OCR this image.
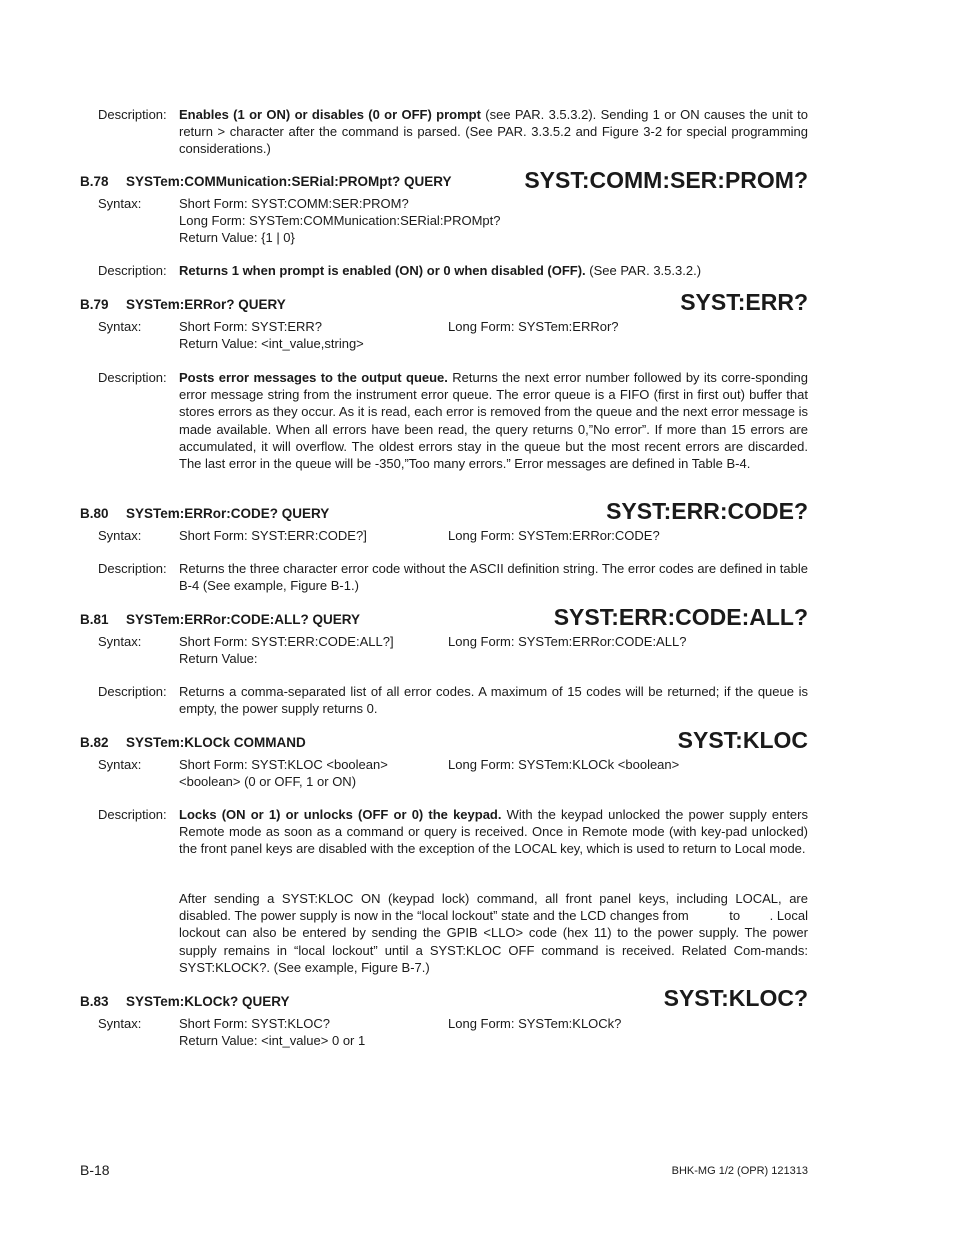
Description: Enables (1 or ON) or disables (0 or OFF) prompt (see PAR. 3.5.3.2). Sending 1 or ON causes the unit to return > character after the command is parsed. (See PAR. 3.3.5.2 and Figure 3-2 for special programming considerations.)
B.78 SYSTem:COMMunication:SERial:PROMpt? QUERY	SYST:COMM:SER:PROM?
Syntax:	Short Form: SYST:COMM:SER:PROM?
Long Form: SYSTem:COMMunication:SERial:PROMpt?
Return Value: {1 | 0}
Description: Returns 1 when prompt is enabled (ON) or 0 when disabled (OFF). (See PAR. 3.5.3.2.)
B.79 SYSTem:ERRor? QUERY	SYST:ERR?
Syntax:	Short Form: SYST:ERR?	Long Form: SYSTem:ERRor?
Return Value: <int_value,string>
Description: Posts error messages to the output queue. Returns the next error number followed by its corre-sponding error message string from the instrument error queue. The error queue is a FIFO (first in first out) buffer that stores errors as they occur. As it is read, each error is removed from the queue and the next error message is made available. When all errors have been read, the query returns 0,”No error”. If more than 15 errors are accumulated, it will overflow. The oldest errors stay in the queue but the most recent errors are discarded. The last error in the queue will be -350,”Too many errors.” Error messages are defined in Table B-4.
B.80 SYSTem:ERRor:CODE? QUERY	SYST:ERR:CODE?
Syntax:	Short Form: SYST:ERR:CODE?]	Long Form: SYSTem:ERRor:CODE?
Description: Returns the three character error code without the ASCII definition string. The error codes are defined in table B-4 (See example, Figure B-1.)
B.81 SYSTem:ERRor:CODE:ALL? QUERY	SYST:ERR:CODE:ALL?
Syntax:	Short Form: SYST:ERR:CODE:ALL?]	Long Form: SYSTem:ERRor:CODE:ALL?
Return Value:
Description: Returns a comma-separated list of all error codes. A maximum of 15 codes will be returned; if the queue is empty, the power supply returns 0.
B.82 SYSTem:KLOCk COMMAND	SYST:KLOC
Syntax:	Short Form: SYST:KLOC <boolean>	Long Form: SYSTem:KLOCk <boolean>
<boolean> (0 or OFF, 1 or ON)
Description: Locks (ON or 1) or unlocks (OFF or 0) the keypad. With the keypad unlocked the power supply enters Remote mode as soon as a command or query is received. Once in Remote mode (with key-pad unlocked) the front panel keys are disabled with the exception of the LOCAL key, which is used to return to Local mode.
After sending a SYST:KLOC ON (keypad lock) command, all front panel keys, including LOCAL, are disabled. The power supply is now in the “local lockout” state and the LCD changes from           to        . Local lockout can also be entered by sending the GPIB <LLO> code (hex 11) to the power supply. The power supply remains in “local lockout” until a SYST:KLOC OFF command is received. Related Com-mands: SYST:KLOCK?. (See example, Figure B-7.)
B.83 SYSTem:KLOCk? QUERY	SYST:KLOC?
Syntax:	Short Form: SYST:KLOC?	Long Form: SYSTem:KLOCk?
Return Value: <int_value> 0 or 1
B-18	BHK-MG 1/2 (OPR) 121313
